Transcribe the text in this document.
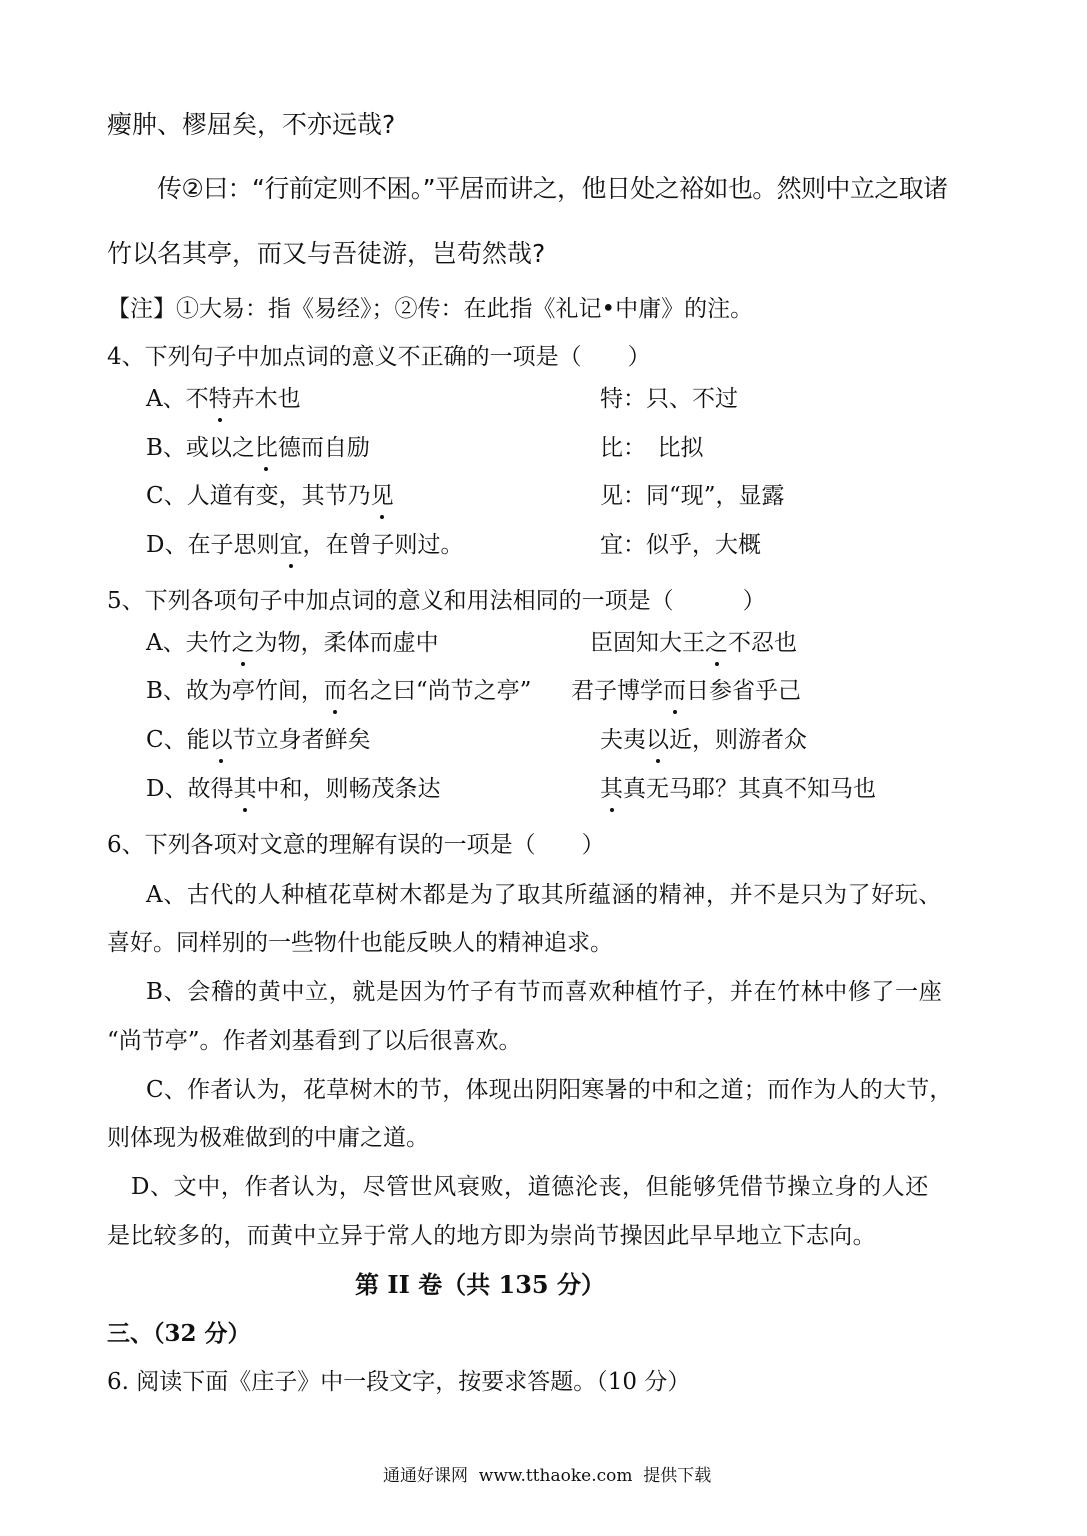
瘿肿、樛屈矣，不亦远哉?
传②曰：“行前定则不困。”平居而讲之，他日处之裕如也。然则中立之取诸
竹以名其亭，而又与吾徒游，岂苟然哉?
【注】①大易：指《易经》；②传：在此指《礼记•中庸》的注。
4、下列句子中加点词的意义不正确的一项是（　　）
A、不特卉木也	特：只、不过
B、或以之比德而自励	比：　比拟
C、人道有变，其节乃见	见：同“现”，显露
D、在子思则宜，在曾子则过。	宜：似乎，大概
5、下列各项句子中加点词的意义和用法相同的一项是（　　　）
A、夫竹之为物，柔体而虚中	臣固知大王之不忍也
B、故为亭竹间，而名之曰“尚节之亭” 君子博学而日参省乎己
C、能以节立身者鲜矣	夫夷以近，则游者众
D、故得其中和，则畅茂条达	其真无马耶？其真不知马也
6、下列各项对文意的理解有误的一项是（　　）
A、古代的人种植花草树木都是为了取其所蕴涵的精神，并不是只为了好玩、
喜好。同样别的一些物什也能反映人的精神追求。
B、会稽的黄中立，就是因为竹子有节而喜欢种植竹子，并在竹林中修了一座
“尚节亭”。作者刘基看到了以后很喜欢。
C、作者认为，花草树木的节，体现出阴阳寒暑的中和之道；而作为人的大节，
则体现为极难做到的中庸之道。
D、文中，作者认为，尽管世风衰败，道德沦丧，但能够凭借节操立身的人还
是比较多的，而黄中立异于常人的地方即为崇尚节操因此早早地立下志向。
第 II 卷（共 135 分）
三、（32 分）
6. 阅读下面《庄子》中一段文字，按要求答题。（10 分）
通通好课网  www.tthaoke.com  提供下载
